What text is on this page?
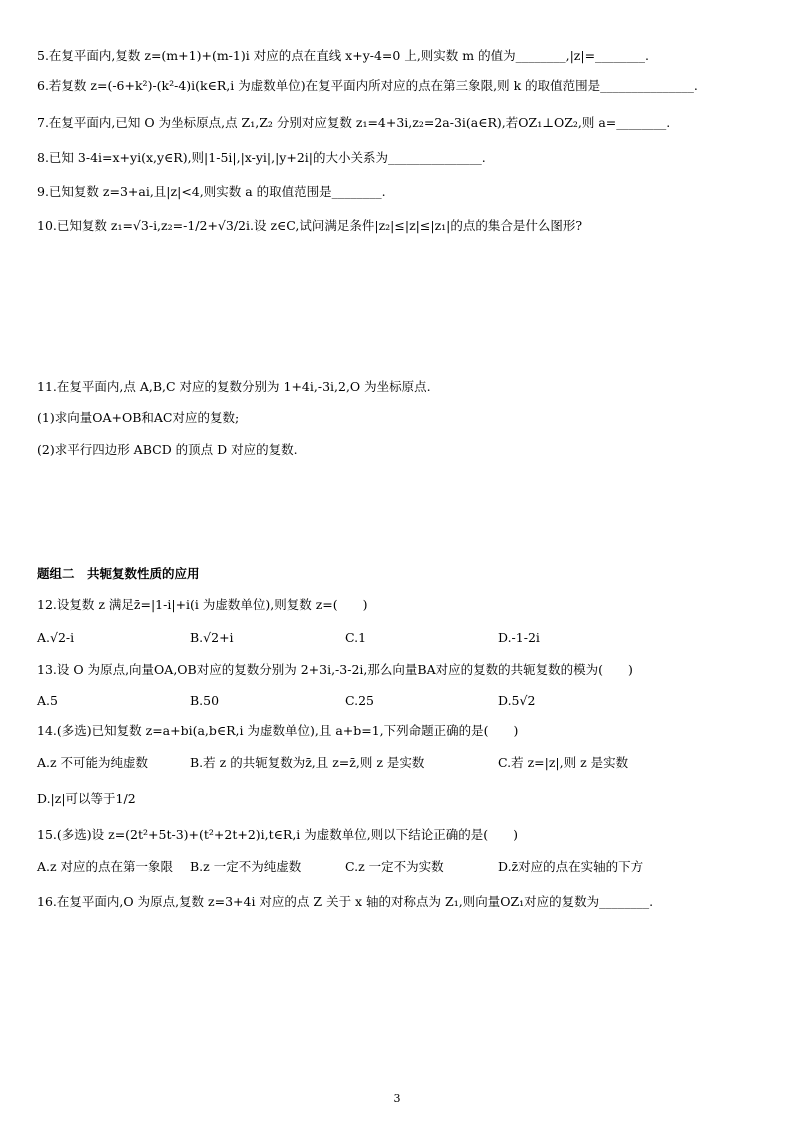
5.在复平面内,复数 z=(m+1)+(m-1)i 对应的点在直线 x+y-4=0 上,则实数 m 的值为________,|z|=________.
6.若复数 z=(-6+k²)-(k²-4)i(k∈R,i 为虚数单位)在复平面内所对应的点在第三象限,则 k 的取值范围是_______________.
7.在复平面内,已知 O 为坐标原点,点 Z₁,Z₂ 分别对应复数 z₁=4+3i,z₂=2a-3i(a∈R),若OZ₁⊥OZ₂,则 a=________.
8.已知 3-4i=x+yi(x,y∈R),则|1-5i|,|x-yi|,|y+2i|的大小关系为_______________.
9.已知复数 z=3+ai,且|z|<4,则实数 a 的取值范围是________.
10.已知复数 z₁=√3-i,z₂=-1/2+√3/2i.设 z∈C,试问满足条件|z₂|≤|z|≤|z₁|的点的集合是什么图形?
11.在复平面内,点 A,B,C 对应的复数分别为 1+4i,-3i,2,O 为坐标原点.
(1)求向量OA+OB和AC对应的复数;
(2)求平行四边形 ABCD 的顶点 D 对应的复数.
题组二　共轭复数性质的应用
12.设复数 z 满足z̄=|1-i|+i(i 为虚数单位),则复数 z=(　　)
A.√2-i	B.√2+i	C.1	D.-1-2i
13.设 O 为原点,向量OA,OB对应的复数分别为 2+3i,-3-2i,那么向量BA对应的复数的共轭复数的模为(　　)
A.5	B.50	C.25	D.5√2
14.(多选)已知复数 z=a+bi(a,b∈R,i 为虚数单位),且 a+b=1,下列命题正确的是(　　)
A.z 不可能为纯虚数	B.若 z 的共轭复数为z̄,且 z=z̄,则 z 是实数	C.若 z=|z|,则 z 是实数
D.|z|可以等于1/2
15.(多选)设 z=(2t²+5t-3)+(t²+2t+2)i,t∈R,i 为虚数单位,则以下结论正确的是(　　)
A.z 对应的点在第一象限 B.z 一定不为纯虚数	C.z 一定不为实数	D.z̄对应的点在实轴的下方
16.在复平面内,O 为原点,复数 z=3+4i 对应的点 Z 关于 x 轴的对称点为 Z₁,则向量OZ₁对应的复数为________.
3
